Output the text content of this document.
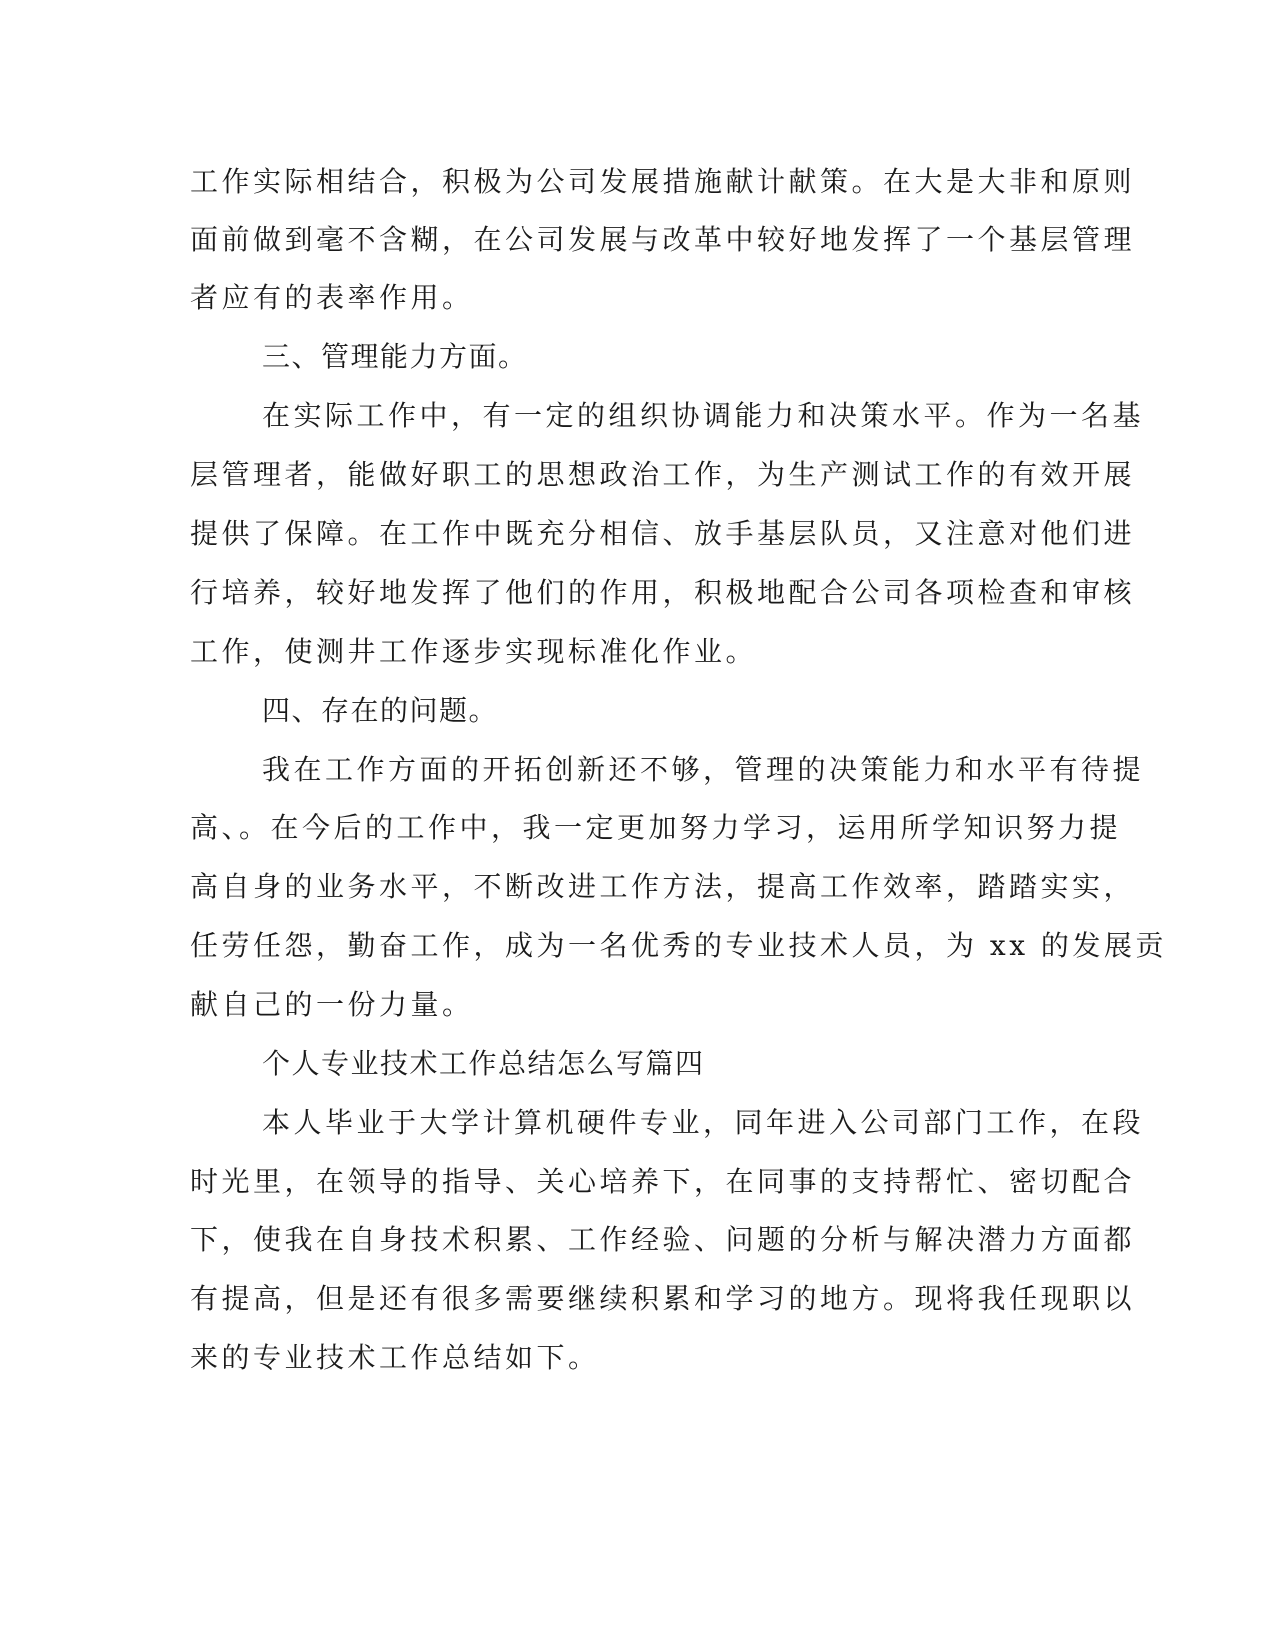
工作实际相结合，积极为公司发展措施献计献策。在大是大非和原则
面前做到毫不含糊，在公司发展与改革中较好地发挥了一个基层管理
者应有的表率作用。
三、管理能力方面。
在实际工作中，有一定的组织协调能力和决策水平。作为一名基
层管理者，能做好职工的思想政治工作，为生产测试工作的有效开展
提供了保障。在工作中既充分相信、放手基层队员，又注意对他们进
行培养，较好地发挥了他们的作用，积极地配合公司各项检查和审核
工作，使测井工作逐步实现标准化作业。
四、存在的问题。
我在工作方面的开拓创新还不够，管理的决策能力和水平有待提
高、。在今后的工作中，我一定更加努力学习，运用所学知识努力提
高自身的业务水平，不断改进工作方法，提高工作效率，踏踏实实，
任劳任怨，勤奋工作，成为一名优秀的专业技术人员，为 xx 的发展贡
献自己的一份力量。
个人专业技术工作总结怎么写篇四
本人毕业于大学计算机硬件专业，同年进入公司部门工作，在段
时光里，在领导的指导、关心培养下，在同事的支持帮忙、密切配合
下，使我在自身技术积累、工作经验、问题的分析与解决潜力方面都
有提高，但是还有很多需要继续积累和学习的地方。现将我任现职以
来的专业技术工作总结如下。
